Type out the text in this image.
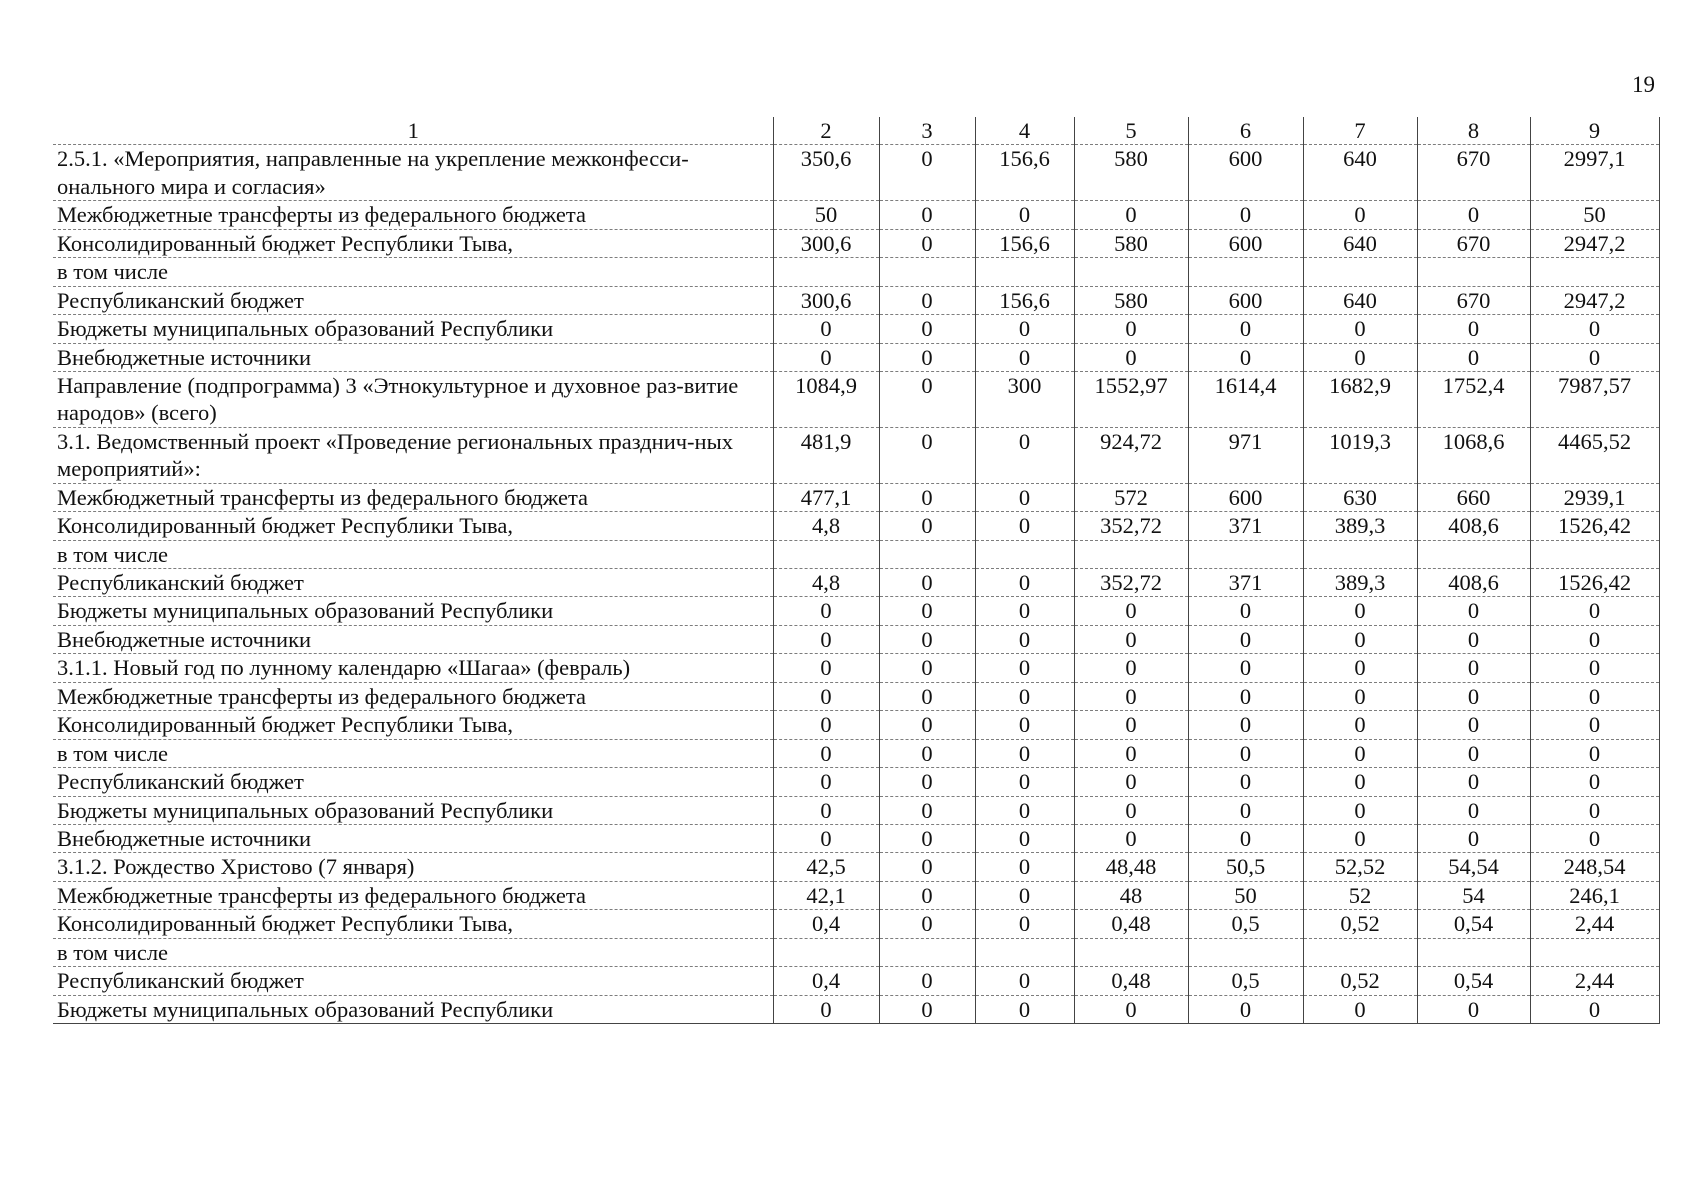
19
1	2	3	4	5	6	7	8	9
2.5.1. «Мероприятия, направленные на укрепление межконфесси- онального мира и согласия»	350,6	0	156,6	580	600	640	670	2997,1
Межбюджетные трансферты из федерального бюджета	50	0	0	0	0	0	0	50
Консолидированный бюджет Республики Тыва,	300,6	0	156,6	580	600	640	670	2947,2
в том числе								
Республиканский бюджет	300,6	0	156,6	580	600	640	670	2947,2
Бюджеты муниципальных образований Республики	0	0	0	0	0	0	0	0
Внебюджетные источники	0	0	0	0	0	0	0	0
Направление (подпрограмма) 3 «Этнокультурное и духовное раз-витие народов» (всего)	1084,9	0	300	1552,97	1614,4	1682,9	1752,4	7987,57
3.1. Ведомственный проект «Проведение региональных празднич-ных мероприятий»:	481,9	0	0	924,72	971	1019,3	1068,6	4465,52
Межбюджетный трансферты из федерального бюджета	477,1	0	0	572	600	630	660	2939,1
Консолидированный бюджет Республики Тыва,	4,8	0	0	352,72	371	389,3	408,6	1526,42
в том числе								
Республиканский бюджет	4,8	0	0	352,72	371	389,3	408,6	1526,42
Бюджеты муниципальных образований Республики	0	0	0	0	0	0	0	0
Внебюджетные источники	0	0	0	0	0	0	0	0
3.1.1. Новый год по лунному календарю «Шагаа» (февраль)	0	0	0	0	0	0	0	0
Межбюджетные трансферты из федерального бюджета	0	0	0	0	0	0	0	0
Консолидированный бюджет Республики Тыва,	0	0	0	0	0	0	0	0
в том числе	0	0	0	0	0	0	0	0
Республиканский бюджет	0	0	0	0	0	0	0	0
Бюджеты муниципальных образований Республики	0	0	0	0	0	0	0	0
Внебюджетные источники	0	0	0	0	0	0	0	0
3.1.2. Рождество Христово (7 января)	42,5	0	0	48,48	50,5	52,52	54,54	248,54
Межбюджетные трансферты из федерального бюджета	42,1	0	0	48	50	52	54	246,1
Консолидированный бюджет Республики Тыва,	0,4	0	0	0,48	0,5	0,52	0,54	2,44
в том числе								
Республиканский бюджет	0,4	0	0	0,48	0,5	0,52	0,54	2,44
Бюджеты муниципальных образований Республики	0	0	0	0	0	0	0	0
